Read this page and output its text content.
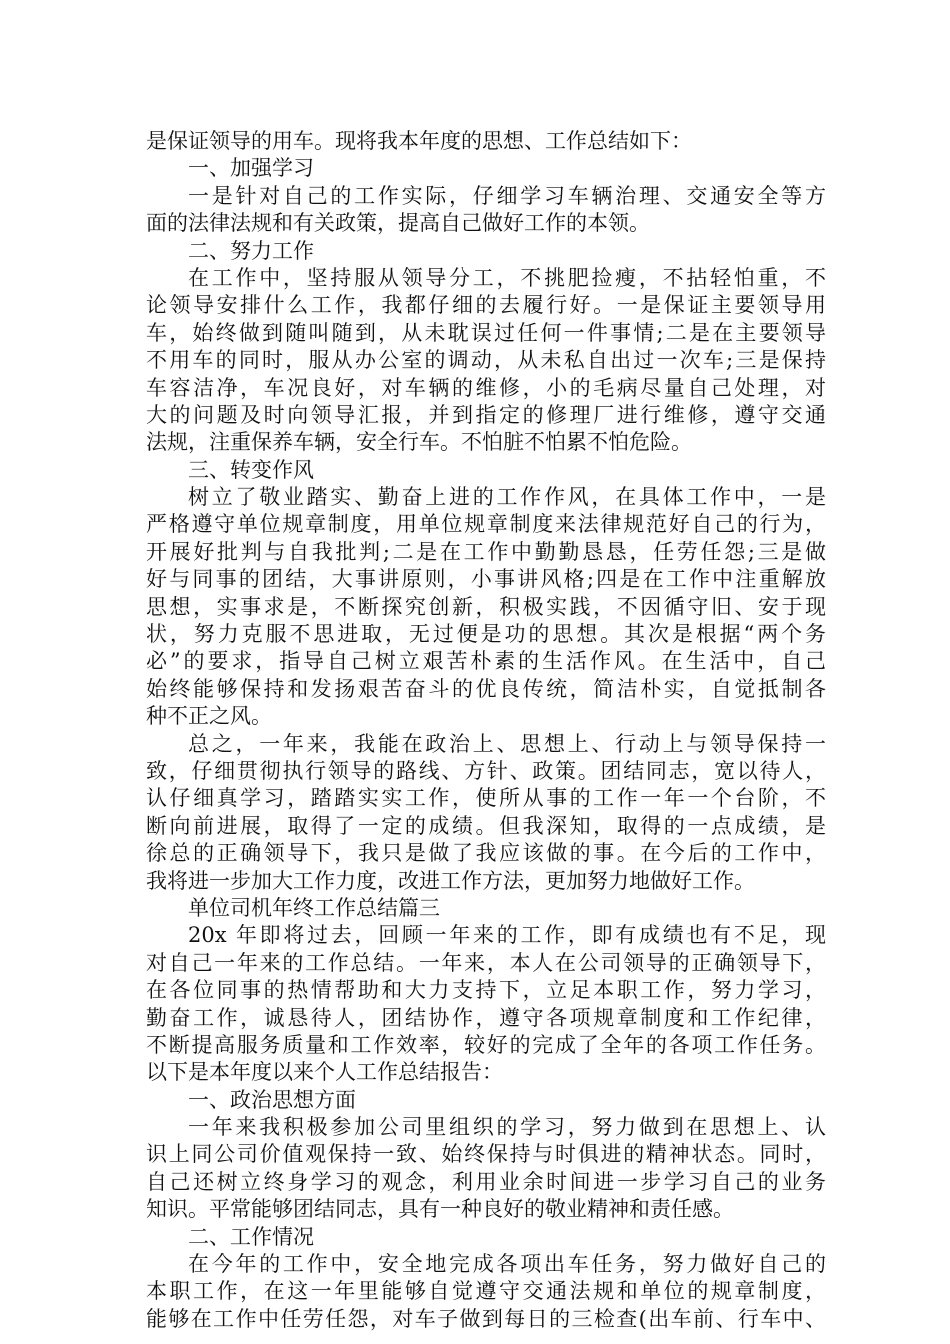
是保证领导的用车。现将我本年度的思想、工作总结如下：
一、加强学习
一是针对自己的工作实际，仔细学习车辆治理、交通安全等方
面的法律法规和有关政策，提高自己做好工作的本领。
二、努力工作
在工作中，坚持服从领导分工，不挑肥捡瘦，不拈轻怕重，不
论领导安排什么工作，我都仔细的去履行好。一是保证主要领导用
车，始终做到随叫随到，从未耽误过任何一件事情;二是在主要领导
不用车的同时，服从办公室的调动，从未私自出过一次车;三是保持
车容洁净，车况良好，对车辆的维修，小的毛病尽量自己处理，对
大的问题及时向领导汇报，并到指定的修理厂进行维修，遵守交通
法规，注重保养车辆，安全行车。不怕脏不怕累不怕危险。
三、转变作风
树立了敬业踏实、勤奋上进的工作作风，在具体工作中，一是
严格遵守单位规章制度，用单位规章制度来法律规范好自己的行为，
开展好批判与自我批判;二是在工作中勤勤恳恳，任劳任怨;三是做
好与同事的团结，大事讲原则，小事讲风格;四是在工作中注重解放
思想，实事求是，不断探究创新，积极实践，不因循守旧、安于现
状，努力克服不思进取，无过便是功的思想。其次是根据“两个务
必”的要求，指导自己树立艰苦朴素的生活作风。在生活中，自己
始终能够保持和发扬艰苦奋斗的优良传统，简洁朴实，自觉抵制各
种不正之风。
总之，一年来，我能在政治上、思想上、行动上与领导保持一
致，仔细贯彻执行领导的路线、方针、政策。团结同志，宽以待人，
认仔细真学习，踏踏实实工作，使所从事的工作一年一个台阶，不
断向前进展，取得了一定的成绩。但我深知，取得的一点成绩，是
徐总的正确领导下，我只是做了我应该做的事。在今后的工作中，
我将进一步加大工作力度，改进工作方法，更加努力地做好工作。
单位司机年终工作总结篇三
20x 年即将过去，回顾一年来的工作，即有成绩也有不足，现
对自己一年来的工作总结。一年来，本人在公司领导的正确领导下，
在各位同事的热情帮助和大力支持下，立足本职工作，努力学习，
勤奋工作，诚恳待人，团结协作，遵守各项规章制度和工作纪律，
不断提高服务质量和工作效率，较好的完成了全年的各项工作任务。
以下是本年度以来个人工作总结报告：
一、政治思想方面
一年来我积极参加公司里组织的学习，努力做到在思想上、认
识上同公司价值观保持一致、始终保持与时俱进的精神状态。同时，
自己还树立终身学习的观念，利用业余时间进一步学习自己的业务
知识。平常能够团结同志，具有一种良好的敬业精神和责任感。
二、工作情况
在今年的工作中，安全地完成各项出车任务，努力做好自己的
本职工作，在这一年里能够自觉遵守交通法规和单位的规章制度，
能够在工作中任劳任怨，对车子做到每日的三检查(出车前、行车中、
